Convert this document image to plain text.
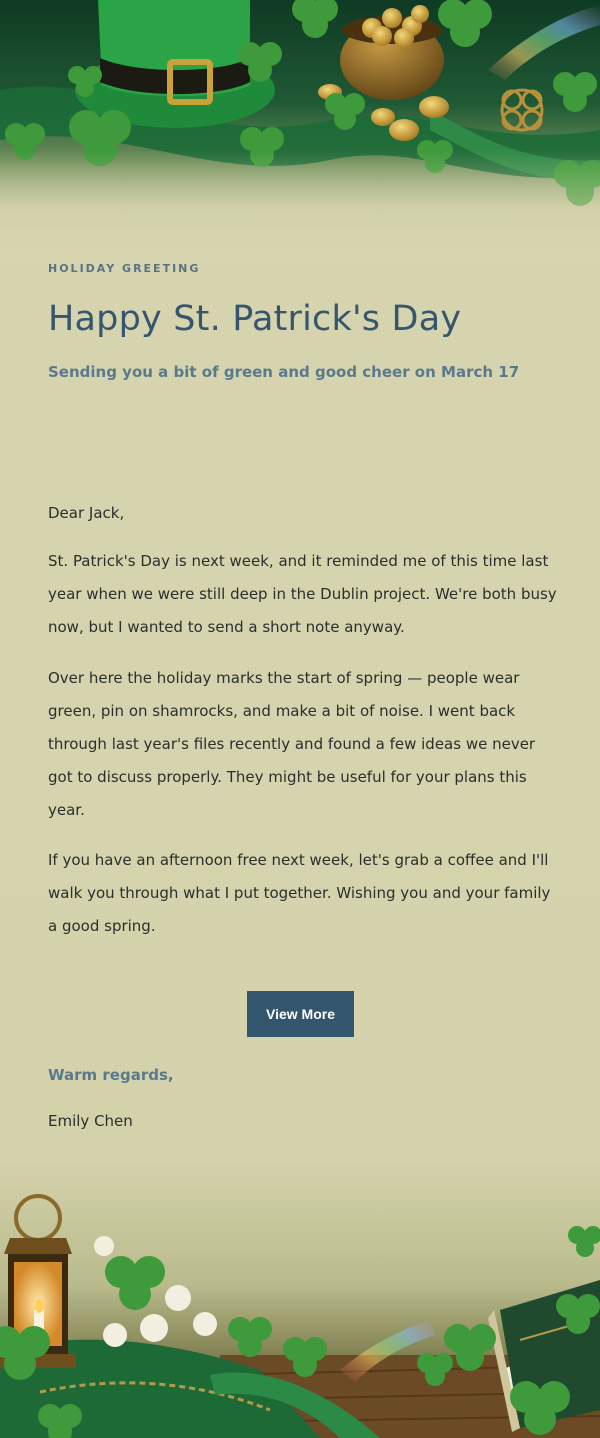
HOLIDAY GREETING
Happy St. Patrick's Day
Sending you a bit of green and good cheer on March 17

Dear Jack,

St. Patrick's Day is next week, and it reminded me of this time last year when we were still deep in the Dublin project. We're both busy now, but I wanted to send a short note anyway.

Over here the holiday marks the start of spring — people wear green, pin on shamrocks, and make a bit of noise. I went back through last year's files recently and found a few ideas we never got to discuss properly. They might be useful for your plans this year.

If you have an afternoon free next week, let's grab a coffee and I'll walk you through what I put together. Wishing you and your family a good spring.

View More
Warm regards,
Emily Chen
